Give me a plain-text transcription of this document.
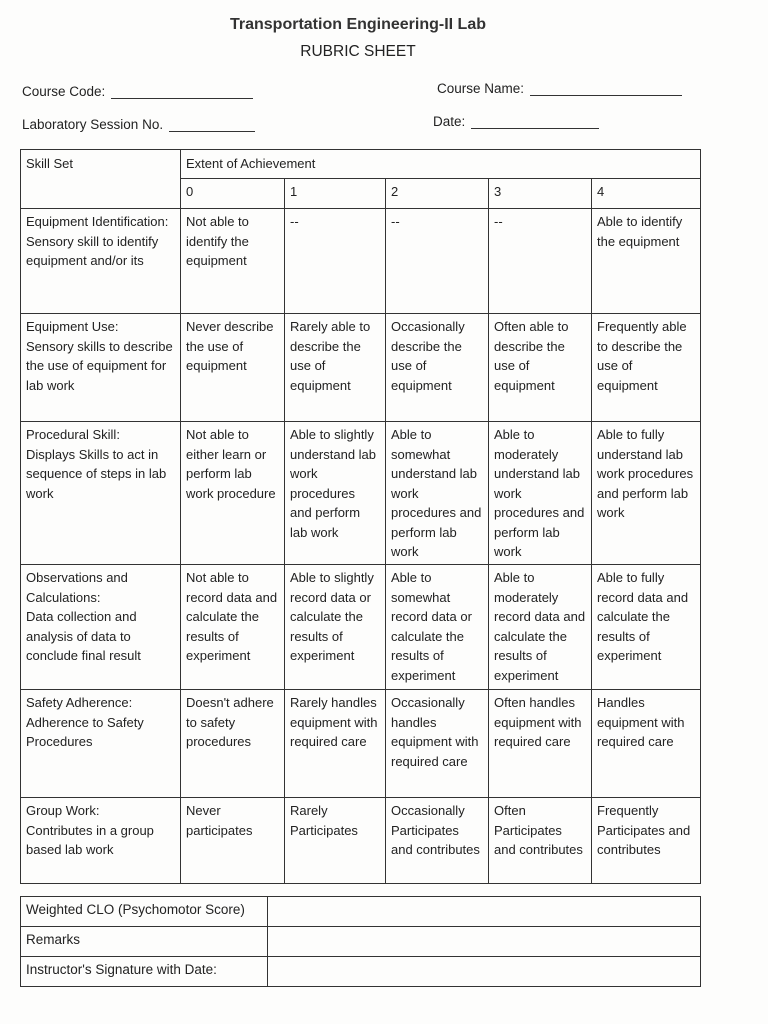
Transportation Engineering-II Lab
RUBRIC SHEET
Course Code:	Course Name:
Laboratory Session No.	Date:
Skill Set	Extent of Achievement				
	0	1	2	3	4

Equipment Identification:
Sensory skill to identify equipment and/or its	Not able to identify the equipment	--	--	--	Able to identify the equipment

Equipment Use:
Sensory skills to describe the use of equipment for lab work	Never describe the use of equipment	Rarely able to describe the use of equipment	Occasionally describe the use of equipment	Often able to describe the use of equipment	Frequently able to describe the use of equipment

Procedural Skill:
Displays Skills to act in sequence of steps in lab work	Not able to either learn or perform lab work procedure	Able to slightly understand lab work procedures and perform lab work	Able to somewhat understand lab work procedures and perform lab work	Able to moderately understand lab work procedures and perform lab work	Able to fully understand lab work procedures and perform lab work

Observations and Calculations:
Data collection and analysis of data to conclude final result	Not able to record data and calculate the results of experiment	Able to slightly record data or calculate the results of experiment	Able to somewhat record data or calculate the results of experiment	Able to moderately record data and calculate the results of experiment	Able to fully record data and calculate the results of experiment

Safety Adherence:
Adherence to Safety Procedures	Doesn't adhere to safety procedures	Rarely handles equipment with required care	Occasionally handles equipment with required care	Often handles equipment with required care	Handles equipment with required care

Group Work:
Contributes in a group based lab work	Never participates	Rarely Participates	Occasionally Participates and contributes	Often Participates and contributes	Frequently Participates and contributes
Weighted CLO (Psychomotor Score)	
Remarks	
Instructor's Signature with Date:	
